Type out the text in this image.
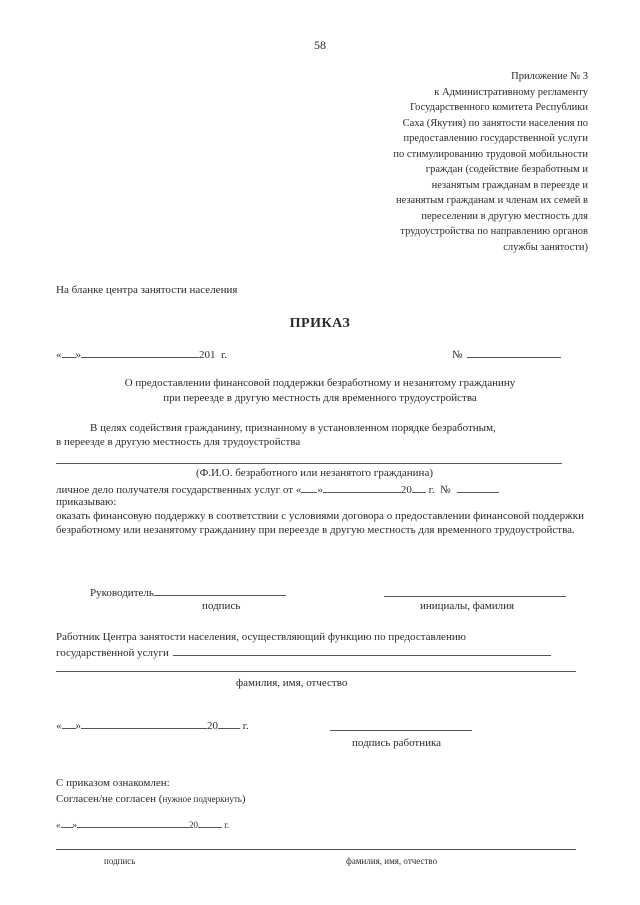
58
Приложение № 3
к Административному регламенту
Государственного комитета Республики
Саха (Якутия) по занятости населения по
предоставлению государственной услуги
по стимулированию трудовой мобильности
граждан (содействие безработным и
незанятым гражданам в переезде и
незанятым гражданам и членам их семей в
переселении в другую местность для
трудоустройства по направлению органов
службы занятости)
На бланке центра занятости населения
ПРИКАЗ
« »	201 г.	№
О предоставлении финансовой поддержки безработному и незанятому гражданину
при переезде в другую местность для временного трудоустройства
В целях содействия гражданину, признанному в установленном порядке безработным,
в переезде в другую местность для трудоустройства
(Ф.И.О. безработного или незанятого гражданина)
личное дело получателя государственных услуг от « »	20 г. №
приказываю:
оказать финансовую поддержку в соответствии с условиями договора о предоставлении финансовой поддержки безработному или незанятому гражданину при переезде в другую местность для временного трудоустройства.
Руководитель
подпись	инициалы, фамилия
Работник Центра занятости населения, осуществляющий функцию по предоставлению
государственной услуги
фамилия, имя, отчество
« »	20 г.
подпись работника
С приказом ознакомлен:
Согласен/не согласен (нужное подчеркнуть)
« »	20	г.
подпись	фамилия, имя, отчество
